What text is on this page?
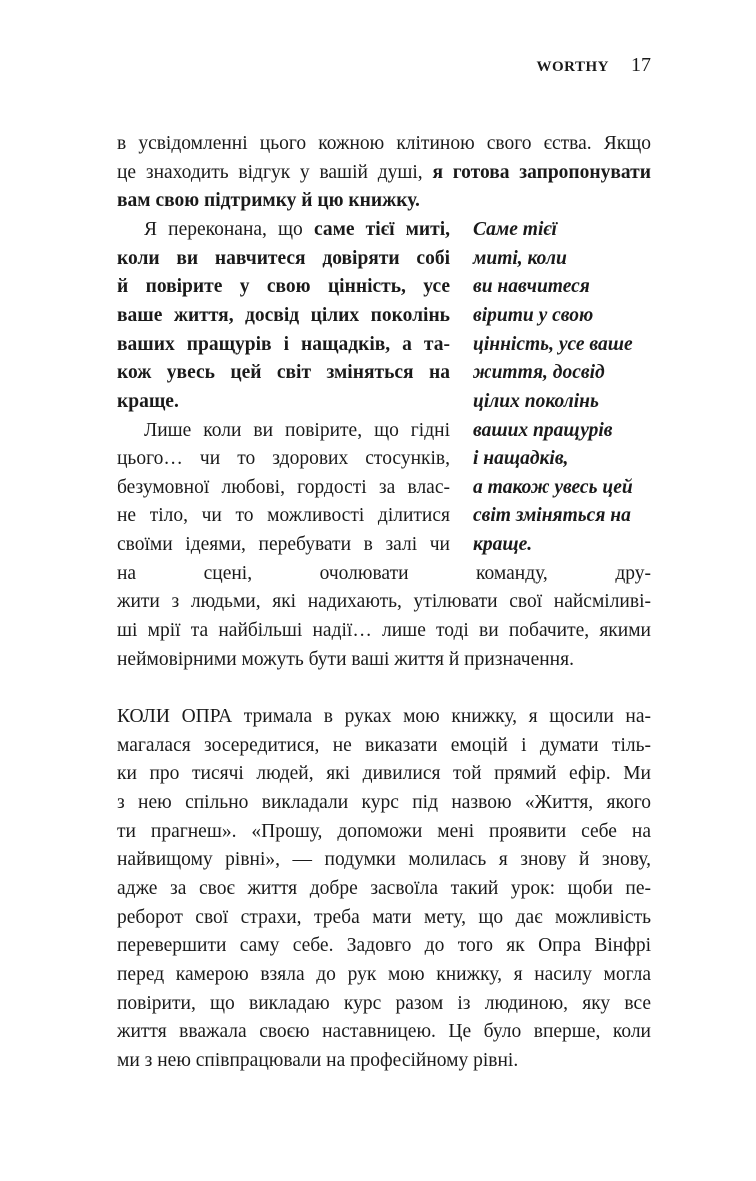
WORTHY 17
в усвідомленні цього кожною клітиною свого єства. Якщо
це знаходить відгук у вашій душі, я готова запропонувати
вам свою підтримку й цю книжку.
Я переконана, що саме тієї миті,
коли ви навчитеся довіряти собі
й повірите у свою цінність, усе
ваше життя, досвід цілих поколінь
ваших пращурів і нащадків, а та-
кож увесь цей світ зміняться на
краще.
Лише коли ви повірите, що гідні
цього… чи то здорових стосунків,
безумовної любові, гордості за влас-
не тіло, чи то можливості ділитися
своїми ідеями, перебувати в залі чи
на сцені, очолювати команду, дру-
жити з людьми, які надихають, утілювати свої найсміливі-
ші мрії та найбільші надії… лише тоді ви побачите, якими
неймовірними можуть бути ваші життя й призначення.
КОЛИ ОПРА тримала в руках мою книжку, я щосили на-
магалася зосередитися, не виказати емоцій і думати тіль-
ки про тисячі людей, які дивилися той прямий ефір. Ми
з нею спільно викладали курс під назвою «Життя, якого
ти прагнеш». «Прошу, допоможи мені проявити себе на
найвищому рівні», — подумки молилась я знову й знову,
адже за своє життя добре засвоїла такий урок: щоби пе-
реборот свої страхи, треба мати мету, що дає можливість
перевершити саму себе. Задовго до того як Опра Вінфрі
перед камерою взяла до рук мою книжку, я насилу могла
повірити, що викладаю курс разом із людиною, яку все
життя вважала своєю наставницею. Це було вперше, коли
ми з нею співпрацювали на професійному рівні.
Саме тієї
миті, коли
ви навчитеся
вірити у свою
цінність, усе ваше
життя, досвід
цілих поколінь
ваших пращурів
і нащадків,
а також увесь цей
світ зміняться на
краще.
